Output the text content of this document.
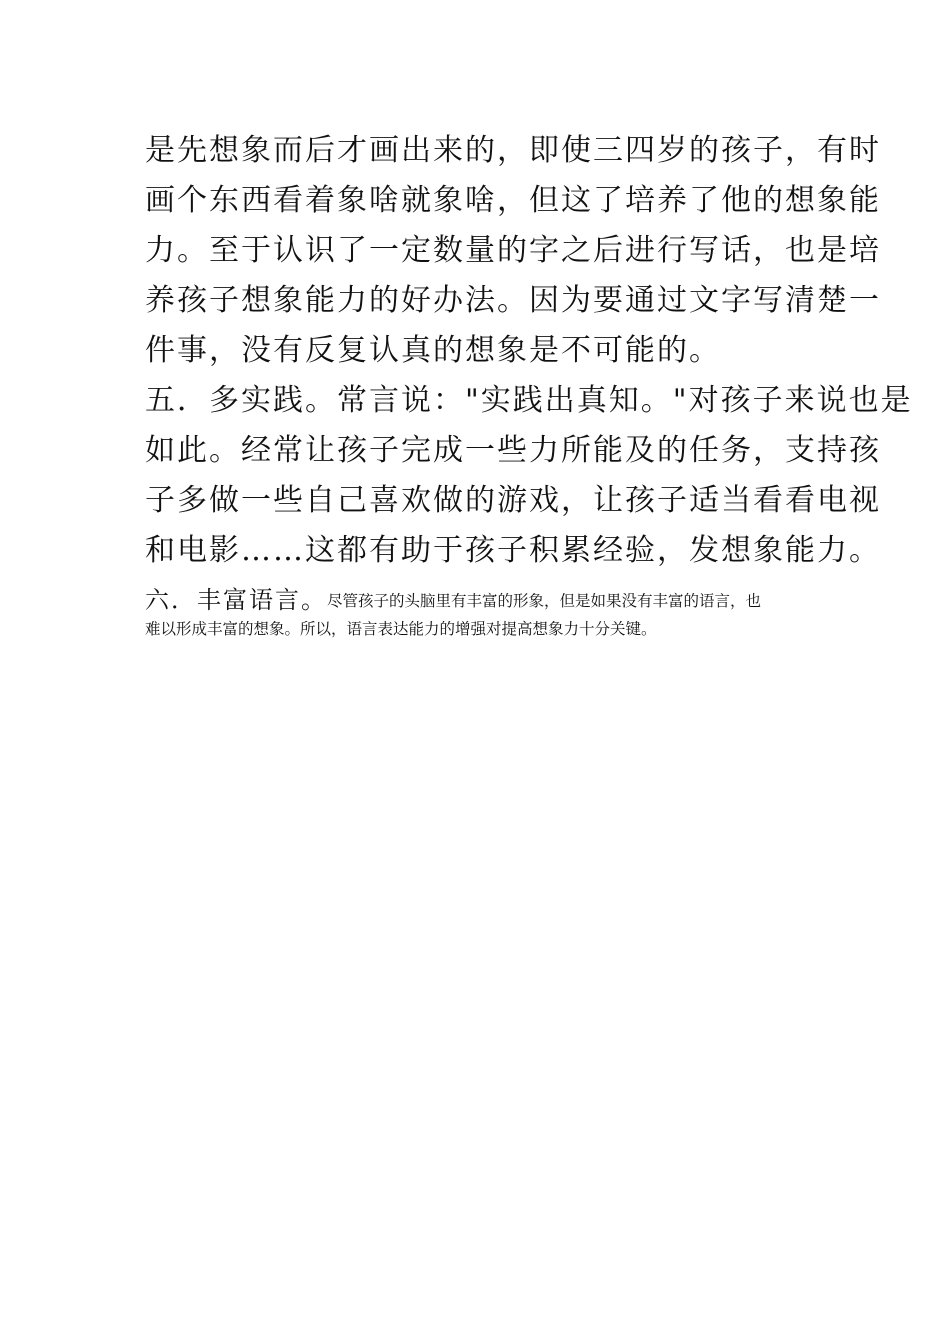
是先想象而后才画出来的，即使三四岁的孩子，有时
画个东西看着象啥就象啥，但这了培养了他的想象能
力。至于认识了一定数量的字之后进行写话，也是培
养孩子想象能力的好办法。因为要通过文字写清楚一
件事，没有反复认真的想象是不可能的。
五．多实践。常言说："实践出真知。"对孩子来说也是
如此。经常让孩子完成一些力所能及的任务，支持孩
子多做一些自己喜欢做的游戏，让孩子适当看看电视
和电影……这都有助于孩子积累经验，发想象能力。
六．丰富语言。尽管孩子的头脑里有丰富的形象，但是如果没有丰富的语言，也
难以形成丰富的想象。所以，语言表达能力的增强对提高想象力十分关键。
